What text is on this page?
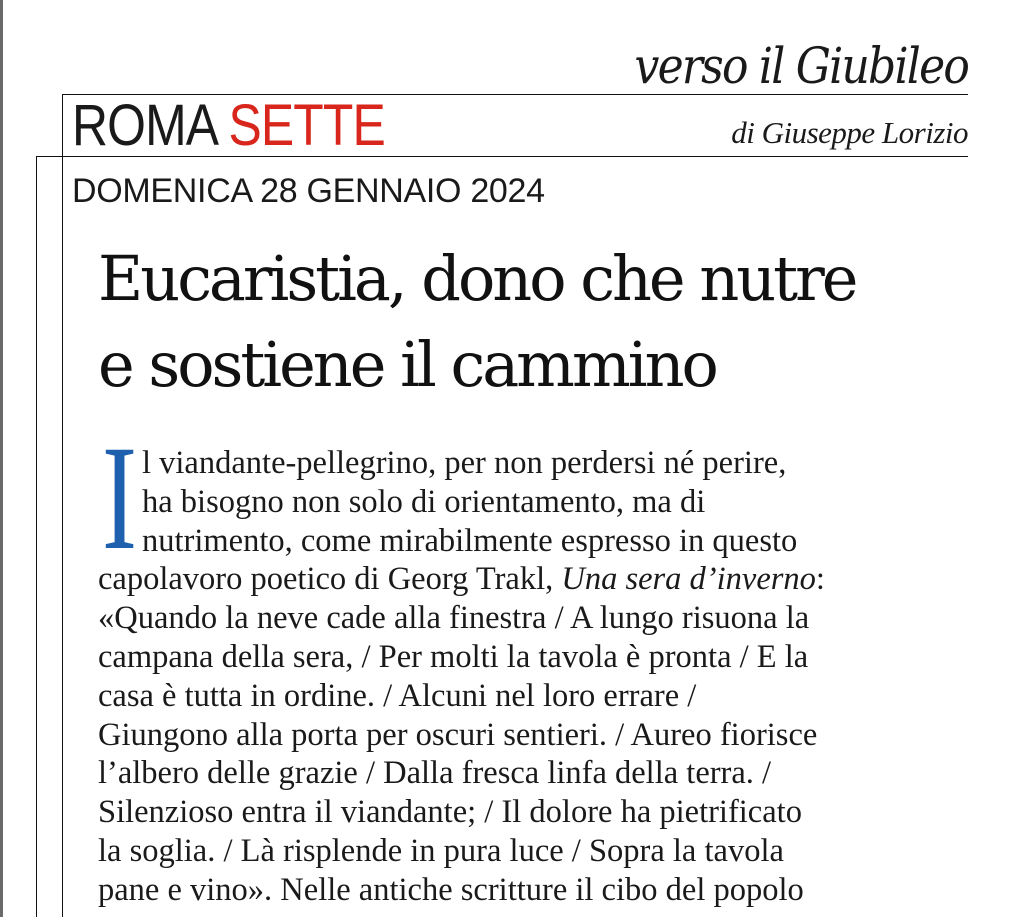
verso il Giubileo
ROMA SETTE	di Giuseppe Lorizio
DOMENICA 28 GENNAIO 2024
Eucaristia, dono che nutre
e sostiene il cammino
I l viandante-pellegrino, per non perdersi né perire,
ha bisogno non solo di orientamento, ma di
nutrimento, come mirabilmente espresso in questo
capolavoro poetico di Georg Trakl, Una sera d’inverno:
«Quando la neve cade alla finestra / A lungo risuona la
campana della sera, / Per molti la tavola è pronta / E la
casa è tutta in ordine. / Alcuni nel loro errare /
Giungono alla porta per oscuri sentieri. / Aureo fiorisce
l’albero delle grazie / Dalla fresca linfa della terra. /
Silenzioso entra il viandante; / Il dolore ha pietrificato
la soglia. / Là risplende in pura luce / Sopra la tavola
pane e vino». Nelle antiche scritture il cibo del popolo
